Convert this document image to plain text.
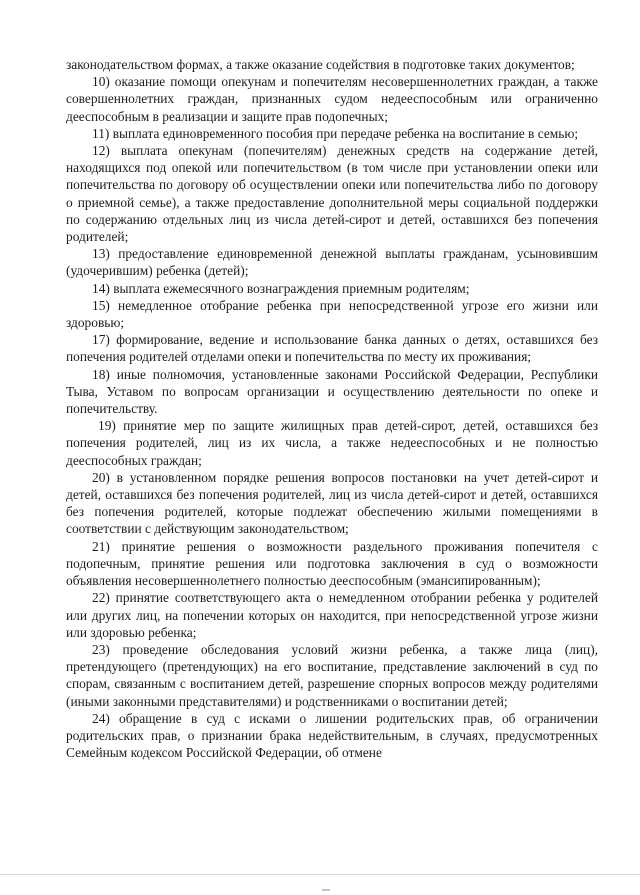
законодательством формах, а также оказание содействия в подготовке таких документов;

10) оказание помощи опекунам и попечителям несовершеннолетних граждан, а также совершеннолетних граждан, признанных судом недееспособным или ограниченно дееспособным в реализации и защите прав подопечных;

11) выплата единовременного пособия при передаче ребенка на воспитание в семью;

12) выплата опекунам (попечителям) денежных средств на содержание детей, находящихся под опекой или попечительством (в том числе при установлении опеки или попечительства по договору об осуществлении опеки или попечительства либо по договору о приемной семье), а также предоставление дополнительной меры социальной поддержки по содержанию отдельных лиц из числа детей-сирот и детей, оставшихся без попечения родителей;

13) предоставление единовременной денежной выплаты гражданам, усыновившим (удочерившим) ребенка (детей);

14) выплата ежемесячного вознаграждения приемным родителям;

15) немедленное отобрание ребенка при непосредственной угрозе его жизни или здоровью;

17) формирование, ведение и использование банка данных о детях, оставшихся без попечения родителей отделами опеки и попечительства по месту их проживания;

18) иные полномочия, установленные законами Российской Федерации, Республики Тыва, Уставом по вопросам организации и осуществлению деятельности по опеке и попечительству.

19) принятие мер по защите жилищных прав детей-сирот, детей, оставшихся без попечения родителей, лиц из их числа, а также недееспособных и не полностью дееспособных граждан;

20) в установленном порядке решения вопросов постановки на учет детей-сирот и детей, оставшихся без попечения родителей, лиц из числа детей-сирот и детей, оставшихся без попечения родителей, которые подлежат обеспечению жилыми помещениями в соответствии с действующим законодательством;

21) принятие решения о возможности раздельного проживания попечителя с подопечным, принятие решения или подготовка заключения в суд о возможности объявления несовершеннолетнего полностью дееспособным (эмансипированным);

22) принятие соответствующего акта о немедленном отобрании ребенка у родителей или других лиц, на попечении которых он находится, при непосредственной угрозе жизни или здоровью ребенка;

23) проведение обследования условий жизни ребенка, а также лица (лиц), претендующего (претендующих) на его воспитание, представление заключений в суд по спорам, связанным с воспитанием детей, разрешение спорных вопросов между родителями (иными законными представителями) и родственниками о воспитании детей;

24) обращение в суд с исками о лишении родительских прав, об ограничении родительских прав, о признании брака недействительным, в случаях, предусмотренных Семейным кодексом Российской Федерации, об отмене
